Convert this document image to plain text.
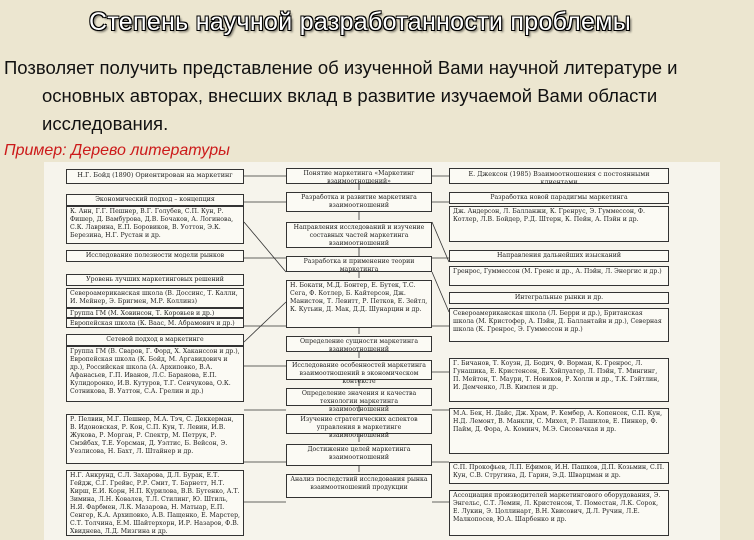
Степень научной разработанности проблемы

Позволяет получить представление об изученной Вами научной литературе и основных авторах, внесших вклад в развитие изучаемой Вами области исследования.

Пример: Дерево литературы
Н.Г. Бойд (1890) Ориентирован на маркетинг
Экономический подход – концепция
К. Анн, Г.Г. Пешнер, В.Г. Голубев, С.П. Кун, Р. Фишер, Д. Вамбурова, Д.В. Бочаков, А. Логинова, С.К. Лаврина, Е.П. Боровиков, В. Уоттон, Э.К. Березина, Н.Г. Рустан и др.
Исследование полезности модели рынков
Уровень лучших маркетинговых решений
Североамериканская школа (В. Доссинс, Т. Калли, И. Мейнер, Э. Бригмен, М.Р. Коллинз)
Группа ГМ (М. Ховинсон, Т. Коровьев и др.)
Европейская школа (К. Ваас, М. Абрамович и др.)
Сетевой подход в маркетинге
Группа ГМ (В. Сваров, Г. Форд, Х. Хаканссон и др.), Европейская школа (К. Бойд, М. Аргавидович и др.), Российская школа (А. Архиповко, В.А. Афанасьев, Г.П. Иванов, Л.С. Баранова, Е.П. Кулидоронко, И.В. Кутуров, Т.Г. Сенчукова, О.К. Сотникова, В. Уаттон, С.А. Грелин и др.)
Р. Пелвин, М.Г. Пешнер, М.А. Тэч, С. Деккерман, В. Идоновская, Р. Кон, С.П. Кун, Т. Левин, И.В. Жукова, Р. Морган, Р. Спектр, М. Петрук, Р. Смэйбах, Т.Е. Уорсман, Д. Уэлтис, Б. Вейсон, Э. Уезлисова, Н. Бахт, Л. Штайнер и др.
Н.Г. Анкрунд, С.Л. Захарова, Д.Л. Бурак, Е.Т. Гейдж, С.Г. Грейвс, Р.Р. Смит, Т. Барнетт, Н.Т. Кирш, Е.И. Корн, Н.П. Курилова, В.В. Бутенко, А.Т. Зимина, Л.Н. Ковалев, Т.Л. Стилинг, Ю. Штиль, Н.Я. Фарбмен, Л.К. Мазарова, Н. Матыар, Е.П. Сенгер, К.А. Архиповко, А.В. Пащенко, Е. Марстер, С.Т. Толчина, Е.М. Шайтерхорн, И.Р. Назаров, Ф.В. Хвиднева, Л.Д. Мизгина и др.
Понятие маркетинга «Маркетинг взаимоотношений»
Разработка и развитие маркетинга взаимоотношений
Направления исследований и изучение составных частей маркетинга взаимоотношений
Разработка и применение теории маркетинга
Н. Бокати, М.Д. Бонтер, Е. Бутек, Т.С. Сега, Ф. Котлер, Б. Кайтерсон, Дж. Манистон, Т. Левитт, Р. Петков, Е. Зейтл, К. Кутьин, Д. Мак, Д.Д. Шунарцин и др.
Определение сущности маркетинга взаимоотношений
Исследование особенностей маркетинга взаимоотношений в экономическом контексте
Определение значения и качества технологии маркетинга взаимоотношений
Изучение стратегических аспектов управления в маркетинге взаимоотношений
Достижение целей маркетинга взаимоотношений
Анализ последствий исследования рынка взаимоотношений продукции
Е. Джексон (1985) Взаимоотношения с постоянными клиентами
Разработка новой парадигмы маркетинга
Дж. Андерсон, Л. Балланжи, К. Гренрус, Э. Гуммессон, Ф. Котлер, Л.В. Бойдер, Р.Д. Штерн, К. Пейн, А. Пэйн и др.
Направления дальнейших изысканий
Гренрос, Гуммессон (М. Гренс и др., А. Пэйн, Л. Энергис и др.)
Интегральные рынки и др.
Североамериканская школа (Л. Берри и др.), Британская школа (М. Кристофер, А. Пэйн, Д. Баллантайн и др.), Северная школа (К. Гренрос, Э. Гуммессон и др.)
Г. Бичанов, Т. Коуэн, Д. Бодич, Ф. Ворман, К. Гренрос, Л. Гунашика, Е. Кристенсен, Е. Хэйлуатер, Л. Пэйн, Т. Мингинг, П. Мейтон, Т. Маури, Т. Новиков, Р. Холли и др., Т.К. Гэйтлин, И. Демченко, Л.В. Кимлен и др.
М.А. Бек, Н. Дайс, Дж. Храм, Р. Кембер, А. Копенсек, С.П. Кун, Н.Д. Лемонт, В. Манкли, С. Михел, Р. Пашилов, Е. Пинкер, Ф. Пайм, Д. Фора, А. Коминч, М.Э. Сисовачкая и др.
С.П. Прокофьев, Л.П. Ефимов, И.Н. Пашков, Д.П. Козьмин, С.П. Кун, С.В. Стругина, Д. Гарин, Э.Д. Шварцман и др.
Ассоциация производителей маркетингового оборудования, Э. Энгельс, С.Т. Лемин, Л. Кристенсон, Т. Поместан, Л.К. Сорок, Е. Лукин, Э. Цоллинарт, В.Н. Хвисович, Д.Л. Ручин, Л.Е. Малкопосев, Ю.А. Шарбенко и др.
